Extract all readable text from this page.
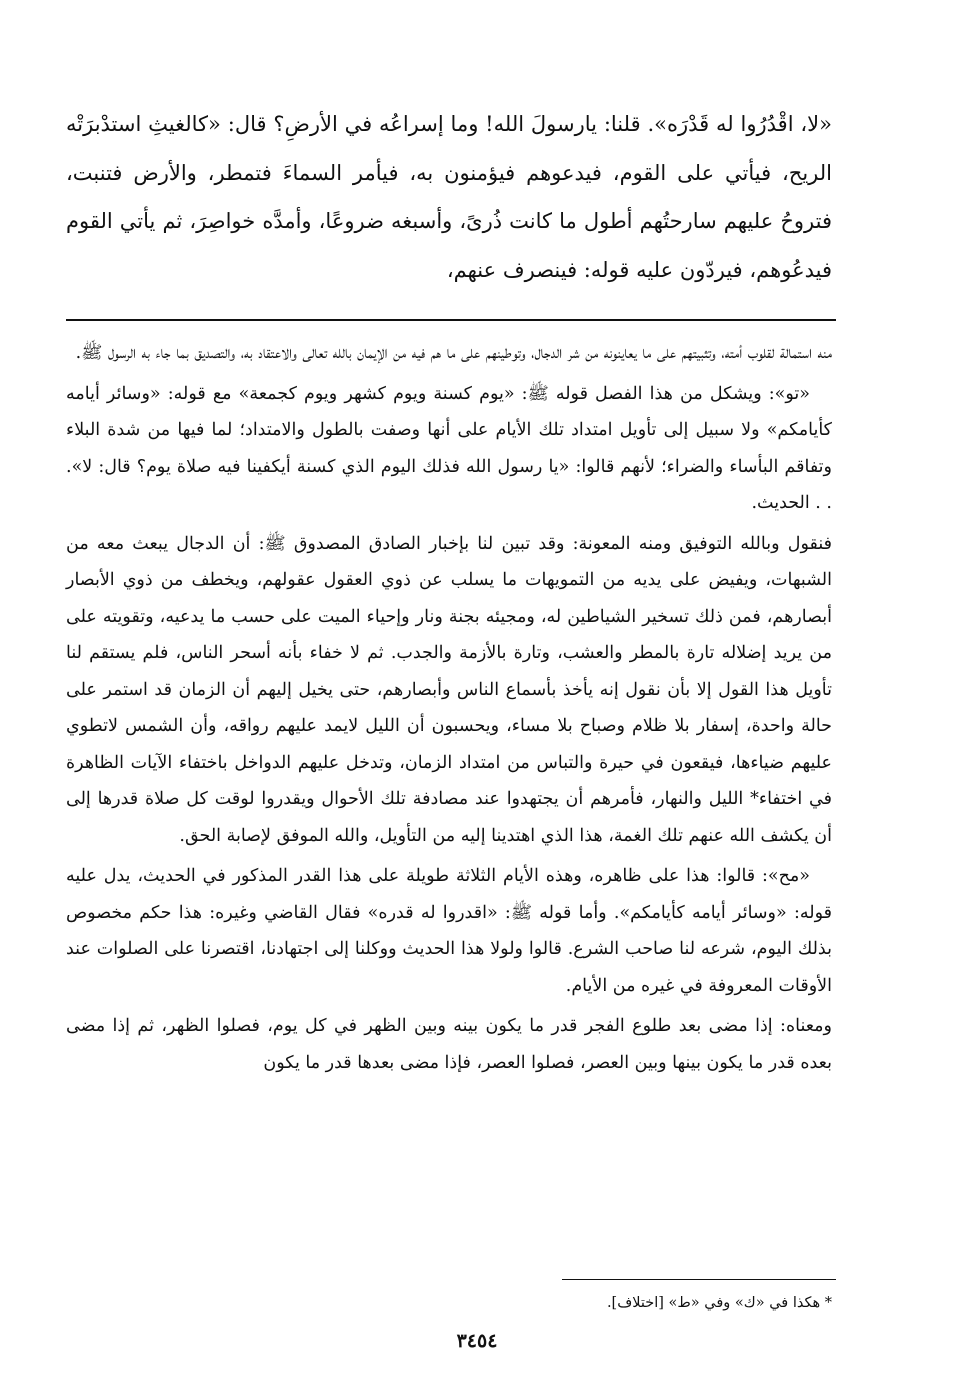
«لا، اقْدُرُوا له قَدْرَه». قلنا: يارسولَ الله! وما إسراعُه في الأرضِ؟ قال: «كالغيثِ استدْبرَتْه الريح، فيأتي على القوم، فيدعوهم فيؤمنون به، فيأمر السماءَ فتمطر، والأرض فتنبت، فتروحُ عليهم سارحتُهم أطول ما كانت ذُرىً، وأسبغه ضروعًا، وأمدَّه خواصِرَ، ثم يأتي القوم فيدعُوهم، فيردّون عليه قوله: فينصرف عنهم،

منه استمالة لقلوب أمته، وتثبيتهم على ما يعاينونه من شر الدجال، وتوطينهم على ما هم فيه من الإيمان بالله تعالى والاعتقاد به، والتصديق بما جاء به الرسول ﷺ.

«تو»: ويشكل من هذا الفصل قوله ﷺ: «يوم كسنة ويوم كشهر ويوم كجمعة» مع قوله: «وسائر أيامه كأيامكم» ولا سبيل إلى تأويل امتداد تلك الأيام على أنها وصفت بالطول والامتداد؛ لما فيها من شدة البلاء وتفاقم البأساء والضراء؛ لأنهم قالوا: «يا رسول الله فذلك اليوم الذي كسنة أيكفينا فيه صلاة يوم؟ قال: لا». . . الحديث.

فنقول وبالله التوفيق ومنه المعونة: وقد تبين لنا بإخبار الصادق المصدوق ﷺ: أن الدجال يبعث معه من الشبهات، ويفيض على يديه من التمويهات ما يسلب عن ذوي العقول عقولهم، ويخطف من ذوي الأبصار أبصارهم، فمن ذلك تسخير الشياطين له، ومجيئه بجنة ونار وإحياء الميت على حسب ما يدعيه، وتقويته على من يريد إضلاله تارة بالمطر والعشب، وتارة بالأزمة والجدب. ثم لا خفاء بأنه أسحر الناس، فلم يستقم لنا تأويل هذا القول إلا بأن نقول إنه يأخذ بأسماع الناس وأبصارهم، حتى يخيل إليهم أن الزمان قد استمر على حالة واحدة، إسفار بلا ظلام وصباح بلا مساء، ويحسبون أن الليل لايمد عليهم رواقه، وأن الشمس لاتطوي عليهم ضياءها، فيقعون في حيرة والتباس من امتداد الزمان، وتدخل عليهم الدواخل باختفاء الآيات الظاهرة في اختفاء* الليل والنهار، فأمرهم أن يجتهدوا عند مصادفة تلك الأحوال ويقدروا لوقت كل صلاة قدرها إلى أن يكشف الله عنهم تلك الغمة، هذا الذي اهتدينا إليه من التأويل، والله الموفق لإصابة الحق.

«مح»: قالوا: هذا على ظاهره، وهذه الأيام الثلاثة طويلة على هذا القدر المذكور في الحديث، يدل عليه قوله: «وسائر أيامه كأيامكم». وأما قوله ﷺ: «اقدروا له قدره» فقال القاضي وغيره: هذا حكم مخصوص بذلك اليوم، شرعه لنا صاحب الشرع. قالوا ولولا هذا الحديث ووكلنا إلى اجتهادنا، اقتصرنا على الصلوات عند الأوقات المعروفة في غيره من الأيام.

ومعناه: إذا مضى بعد طلوع الفجر قدر ما يكون بينه وبين الظهر في كل يوم، فصلوا الظهر، ثم إذا مضى بعده قدر ما يكون بينها وبين العصر، فصلوا العصر، فإذا مضى بعدها قدر ما يكون

* هكذا في «ك» وفي «ط» [اختلاف].
٣٤٥٤
